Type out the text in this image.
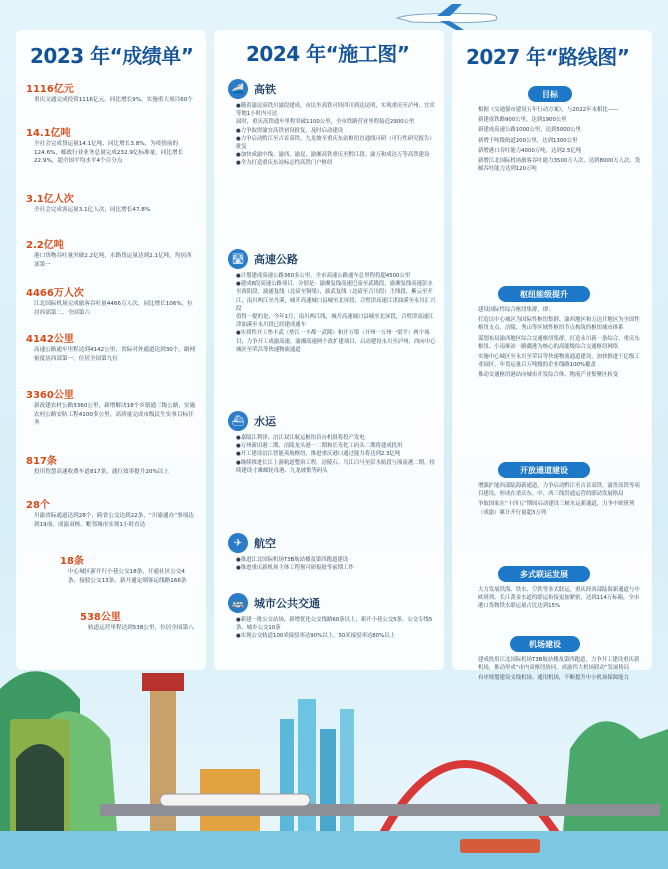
2023 年“成绩单”	2024 年“施工图”	2027 年“路线图”
1116亿元
重庆交通完成投资1116亿元，同比增长9%，实施重大项目60个
14.1亿吨
全社会完成货运量14.1亿吨、同比增长3.8%，为疫情前的124.6%，邮政行业业务总量完成232.9亿标准量，同比增长22.9%，超全国平均水平4个百分点
3.1亿人次
全社会完成客运量3.1亿人次，同比增长47.8%
2.2亿吨
港口货物吞吐量突破2.2亿吨，水路货运量达到2.1亿吨，均居西部第一
4466万人次
江北国际机场完成旅客吞吐量4466万人次，同比增长106%，位居西部第二、全国第六
4142公里
高速公路通车里程达到4142公里，省际对外通道达到30个，路网密度居西部第一，位居全国第九位
3360公里
新改建农村公路3360公里，新增解决18个乡镇通三级公路，实施农村公路安防工程4100多公里，高质量完成市级民生实事目标任务
817条
投用智慧高速收费车道817条，通行效率提升20%以上
28个
川渝省际通道达到28个，跨省公交达到22条，“川渝通办”事项达到19项，成渝双核、毗邻城市实现1小时直达
18条
中心城区新开行小巷公交18条，开通社区公交4条，接驳公交13条，新开通定制客运线路166条
538公里
轨道运营里程达到538公里，位居全国第八
🚄 高铁

●随着渝昆高铁川渝段建成，市民坐高铁可经四川到达昆明，实现重庆至泸州、宜宾等地1小时内可达

届时，重庆高铁通车里程突破1100公里，全市铁路营业里程接近2900公里

●力争取得渝宜高铁初设批复，及时启动建设

●力争启动黔江至吉首高铁、九龙坡至重庆东站枢纽直通线可研（可行性研究报告）批复

●加快成渝中线、渝西、渝昆、渝湘高铁重庆至黔江段、渝万和成达万等高铁建设

●全力打造重庆东站标志性高铁门户枢纽

🛣 高速公路

●计划建成高速公路360多公里，全市高速公路通车总里程将超4500公里

●建成8段高速公路项目，分别是：渝湘复线高速巴南至武隆段，渝湘复线高速彭水至酉阳段，渝遂复线（北碚至铜梁），渝武复线（北碚至合川段）主线段，紫云至开江，南川两江至丹溪，城开高速城口县城至北屏段，合壁津高速江津油溪至永川汇兴段

值得一提的是，今年1月，南川两江线，城开高速城口县城至北屏段，合壁津高速江津油溪至永川段已经建成通车

●实质性开工垫丰武（垫江一丰都一武隆）和开万梁（开州一万州一梁平）两个项目；力争开工成渝高速、渝湘高速两个改扩建项目，启动建设永川至泸州、西向中心城区至荣昌等快速物流通道

⛴ 水运

●嘉陵江利泽、涪江双江航运枢纽首台机组将投产发电

●万州新田港二期、涪陵龙头港一二期和长寿化工码头二期将建成投用

●开工建设涪江智能英航枢纽，推进重庆港口通过能力将达到2.3亿吨

●继续推进长江上游航道整治工程，涪陵石、乌江白马至彭水航段与潼南港二期，持续建设寸滩邮轮母港、九龙坡集等码头

✈	航空

●推进江北国际机场T3B航站楼及第四跑道建设

●推进重庆新机场主体工程预可研报批等前期工作

🚌 城市公共交通

●新建一批公交站场，新增优化公交线路60条以上，新开小巷公交5条、公交专线5条、城乡公交10条

●实现公交轨道100米接驳率达90%以上，50米接驳率达80%以上

目标

根据《交通强市建设五年行动方案》，与2022年末相比——

新建成铁路900公里，达到1900公里

新建成高速公路1000公里，达到5000公里

新增千吨级航道200公里，达到1300公里

新增港口吞吐能力4000万吨，达到2.5亿吨

新增江北国际机场旅客吞吐能力3500万人次，达到8000万人次，货邮吞吐能力达到120万吨

枢纽能级提升

建设国际性综合枢纽集群，即：

打造以中心城区为国际性枢纽集群、渝西地区和万达开地区为全国性枢纽支点，涪陵、秀山等区域性枢纽节点构筑的枢纽城市体系

谋划布局渝西地区综合交通枢纽集群，打造永川新一条综合、重庆东枢纽、小南垭站一路疆港为核心的高能级综合交通枢纽网络

实施中心城区至永川至荣昌等快速物流通道建设，加快推进干亿级工业园区，年货运量百万吨级的企业线路100%覆盖

推动交通枢纽港站向城市开发综合体、物流产业集聚区转变

开放通道建设

增强扩能西部陆海新通道，力争启动黔江至吉首高铁、渝贵高铁等项目建设，形成在重庆东、中、西三线贯通运营的联动发展格局

争取国家在“十四五”期间启动建设三峡水运新通道，力争中欧班列（成渝）累计开行量超3万列

多式联运发展

大力发展铁海、铁水、空铁等多式联运，重庆经西部陆海新通道与中欧班列、长江黄金水道的联运衔接更加紧密，达到114万标箱，全市港口货物铁水联运量占比达到15%

机场建设

建成投用江北国际机场T3B航站楼及第四跑道，力争开工建设重庆新机场，推动形成“市内双枢纽协同、成渝四大机场联动”发展格局

有序规划建设支线机场、通用机场，不断提升中小机场保障能力
